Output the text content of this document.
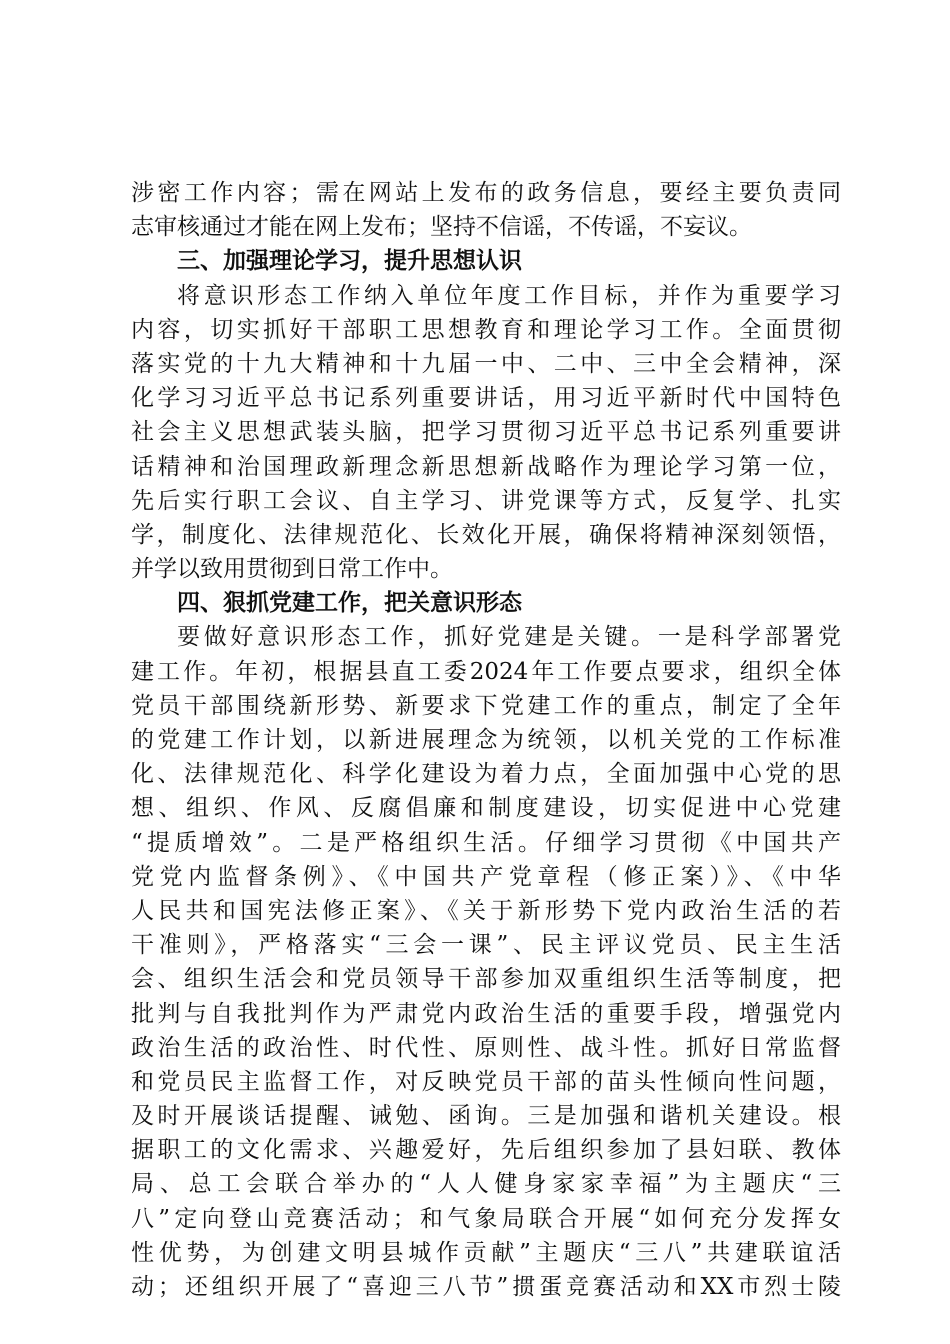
涉密工作内容；需在网站上发布的政务信息，要经主要负责同
志审核通过才能在网上发布；坚持不信谣，不传谣，不妄议。
三、加强理论学习，提升思想认识
将意识形态工作纳入单位年度工作目标，并作为重要学习
内容，切实抓好干部职工思想教育和理论学习工作。全面贯彻
落实党的十九大精神和十九届一中、二中、三中全会精神，深
化学习习近平总书记系列重要讲话，用习近平新时代中国特色
社会主义思想武装头脑，把学习贯彻习近平总书记系列重要讲
话精神和治国理政新理念新思想新战略作为理论学习第一位，
先后实行职工会议、自主学习、讲党课等方式，反复学、扎实
学，制度化、法律规范化、长效化开展，确保将精神深刻领悟，
并学以致用贯彻到日常工作中。
四、狠抓党建工作，把关意识形态
要做好意识形态工作，抓好党建是关键。一是科学部署党
建工作。年初，根据县直工委2024年工作要点要求，组织全体
党员干部围绕新形势、新要求下党建工作的重点，制定了全年
的党建工作计划，以新进展理念为统领，以机关党的工作标准
化、法律规范化、科学化建设为着力点，全面加强中心党的思
想、组织、作风、反腐倡廉和制度建设，切实促进中心党建
“提质增效”。二是严格组织生活。仔细学习贯彻《中国共产
党党内监督条例》、《中国共产党章程（修正案）》、《中华
人民共和国宪法修正案》、《关于新形势下党内政治生活的若
干准则》，严格落实“三会一课”、民主评议党员、民主生活
会、组织生活会和党员领导干部参加双重组织生活等制度，把
批判与自我批判作为严肃党内政治生活的重要手段，增强党内
政治生活的政治性、时代性、原则性、战斗性。抓好日常监督
和党员民主监督工作，对反映党员干部的苗头性倾向性问题，
及时开展谈话提醒、诫勉、函询。三是加强和谐机关建设。根
据职工的文化需求、兴趣爱好，先后组织参加了县妇联、教体
局、总工会联合举办的“人人健身家家幸福”为主题庆“三
八”定向登山竞赛活动；和气象局联合开展“如何充分发挥女
性优势，为创建文明县城作贡献”主题庆“三八”共建联谊活
动；还组织开展了“喜迎三八节”掼蛋竞赛活动和XX市烈士陵
